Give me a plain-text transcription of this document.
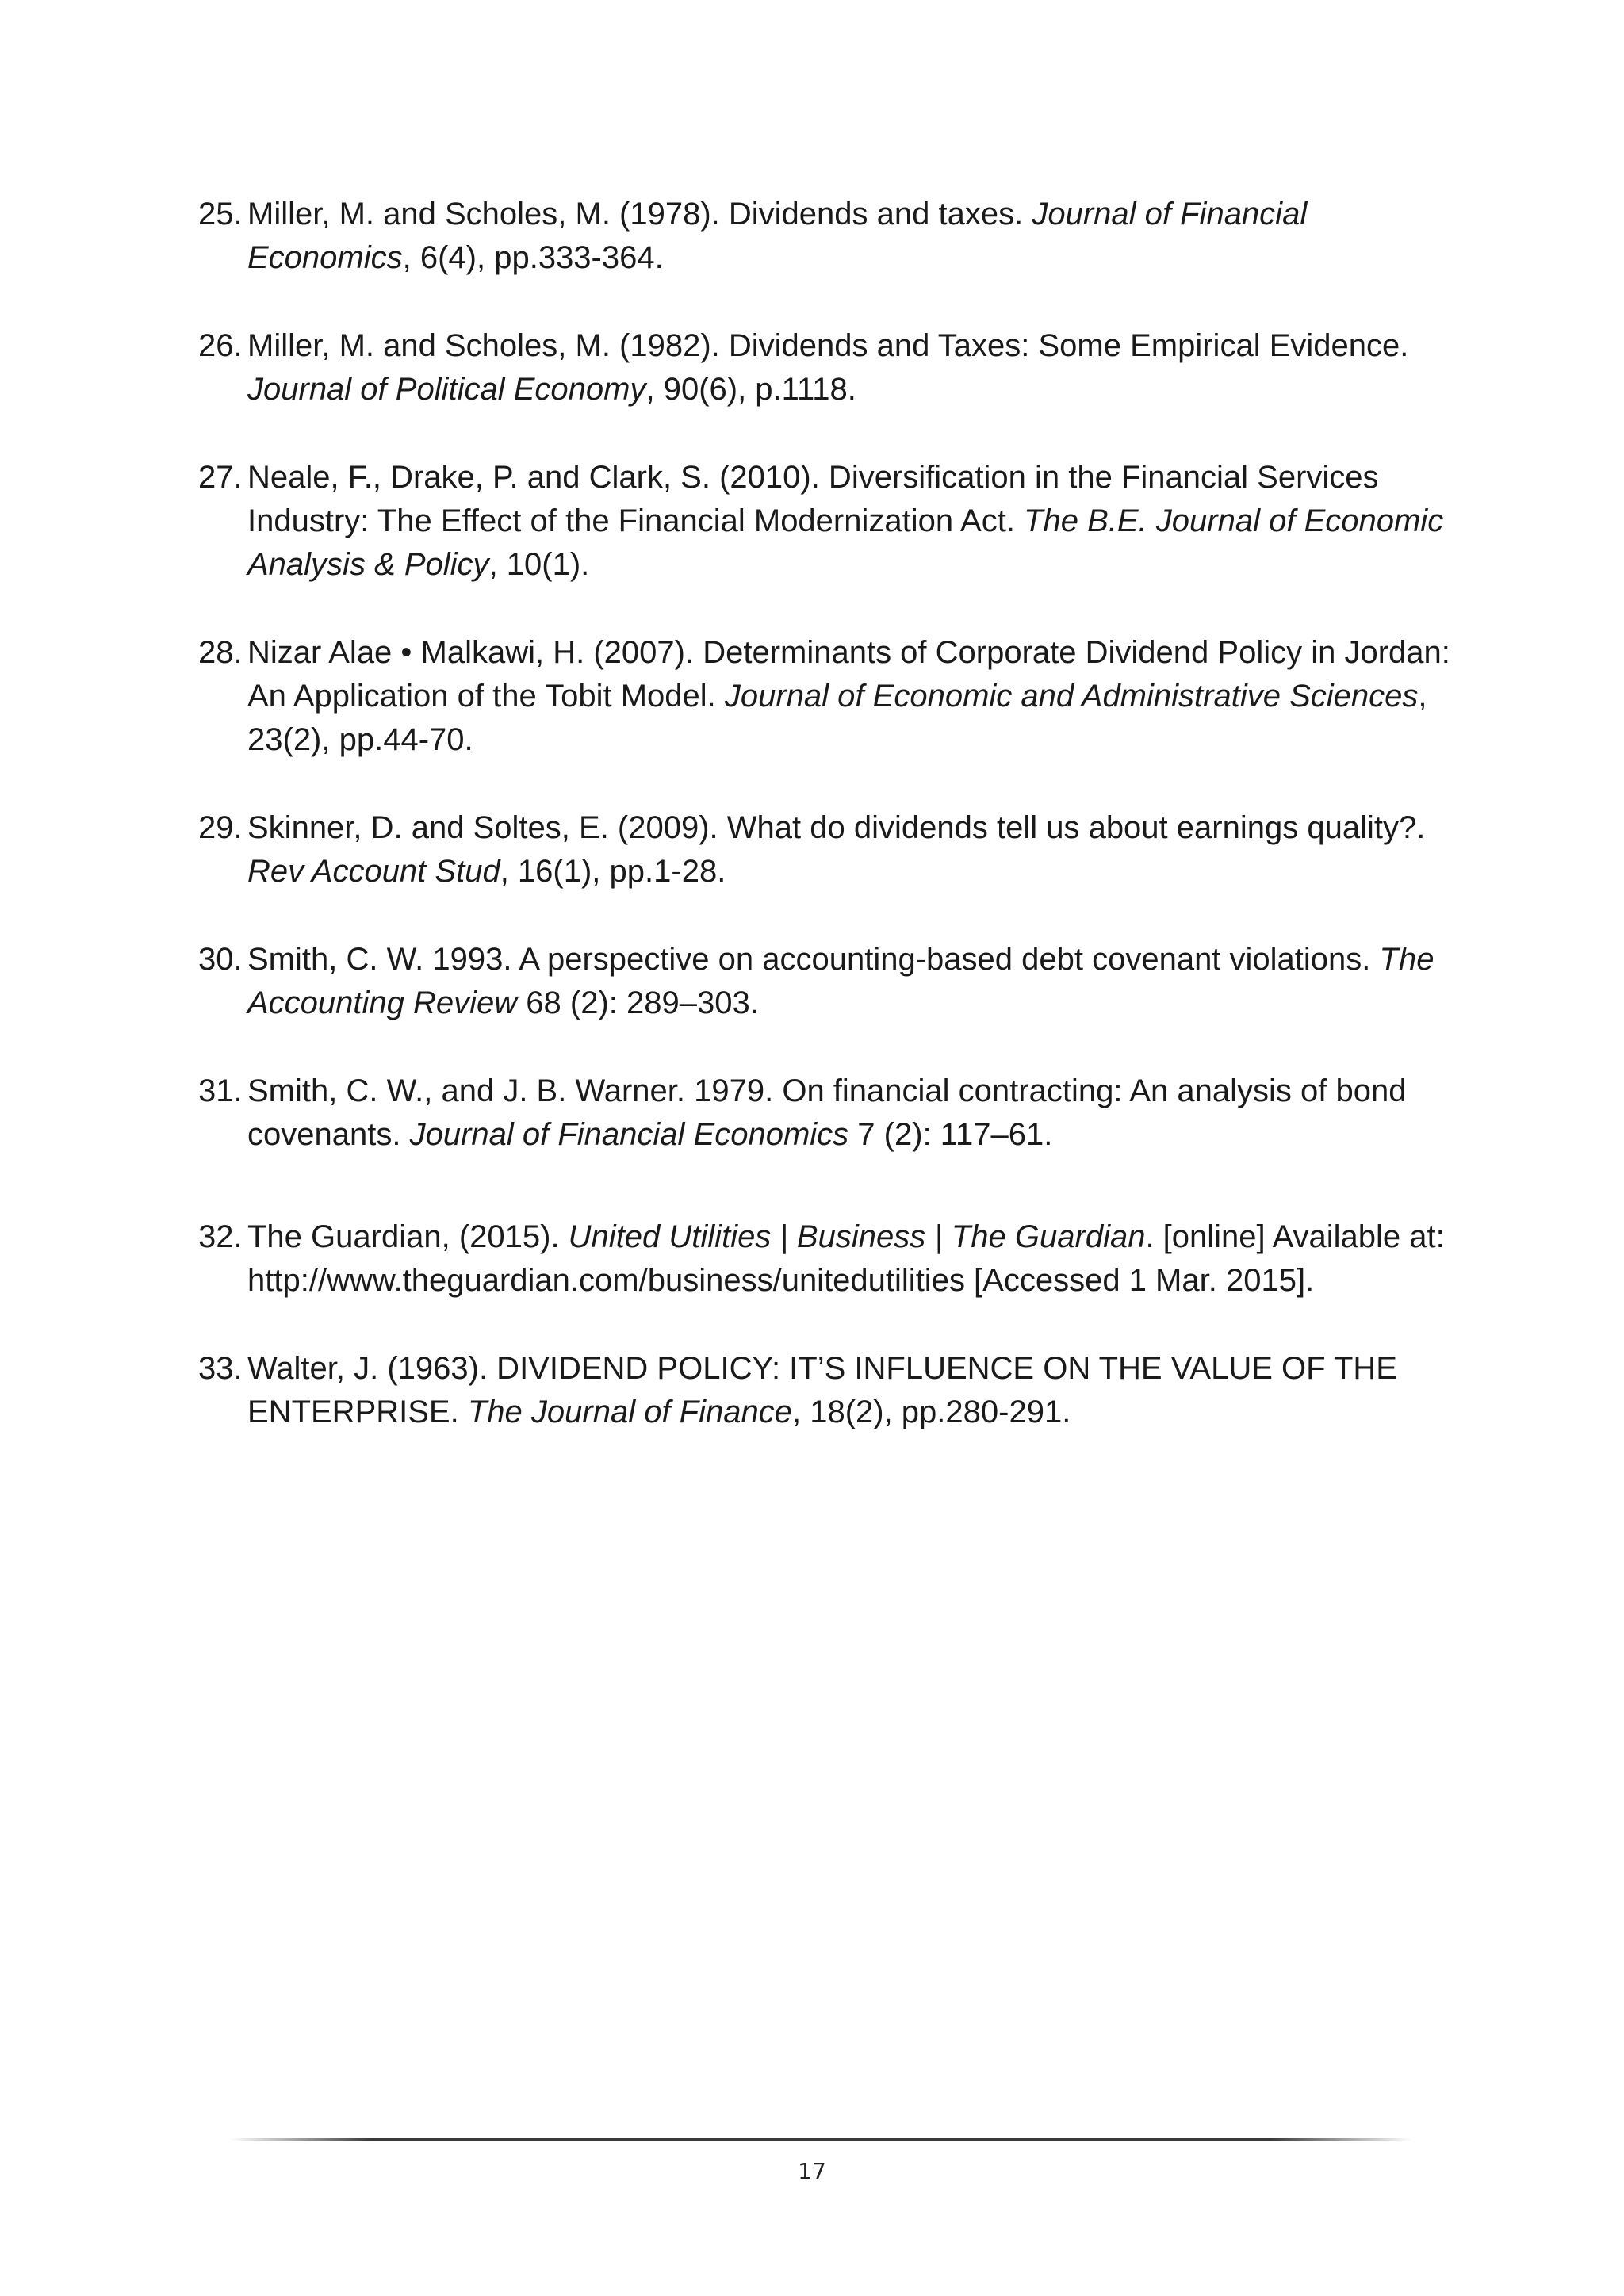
25. Miller, M. and Scholes, M. (1978). Dividends and taxes. Journal of Financial Economics, 6(4), pp.333-364.
26. Miller, M. and Scholes, M. (1982). Dividends and Taxes: Some Empirical Evidence. Journal of Political Economy, 90(6), p.1118.
27. Neale, F., Drake, P. and Clark, S. (2010). Diversification in the Financial Services Industry: The Effect of the Financial Modernization Act. The B.E. Journal of Economic Analysis & Policy, 10(1).
28. Nizar Alae • Malkawi, H. (2007). Determinants of Corporate Dividend Policy in Jordan: An Application of the Tobit Model. Journal of Economic and Administrative Sciences, 23(2), pp.44-70.
29. Skinner, D. and Soltes, E. (2009). What do dividends tell us about earnings quality?. Rev Account Stud, 16(1), pp.1-28.
30. Smith, C. W. 1993. A perspective on accounting-based debt covenant violations. The Accounting Review 68 (2): 289–303.
31. Smith, C. W., and J. B. Warner. 1979. On financial contracting: An analysis of bond covenants. Journal of Financial Economics 7 (2): 117–61.
32. The Guardian, (2015). United Utilities | Business | The Guardian. [online] Available at: http://www.theguardian.com/business/unitedutilities [Accessed 1 Mar. 2015].
33. Walter, J. (1963). DIVIDEND POLICY: IT’S INFLUENCE ON THE VALUE OF THE ENTERPRISE. The Journal of Finance, 18(2), pp.280-291.
17
